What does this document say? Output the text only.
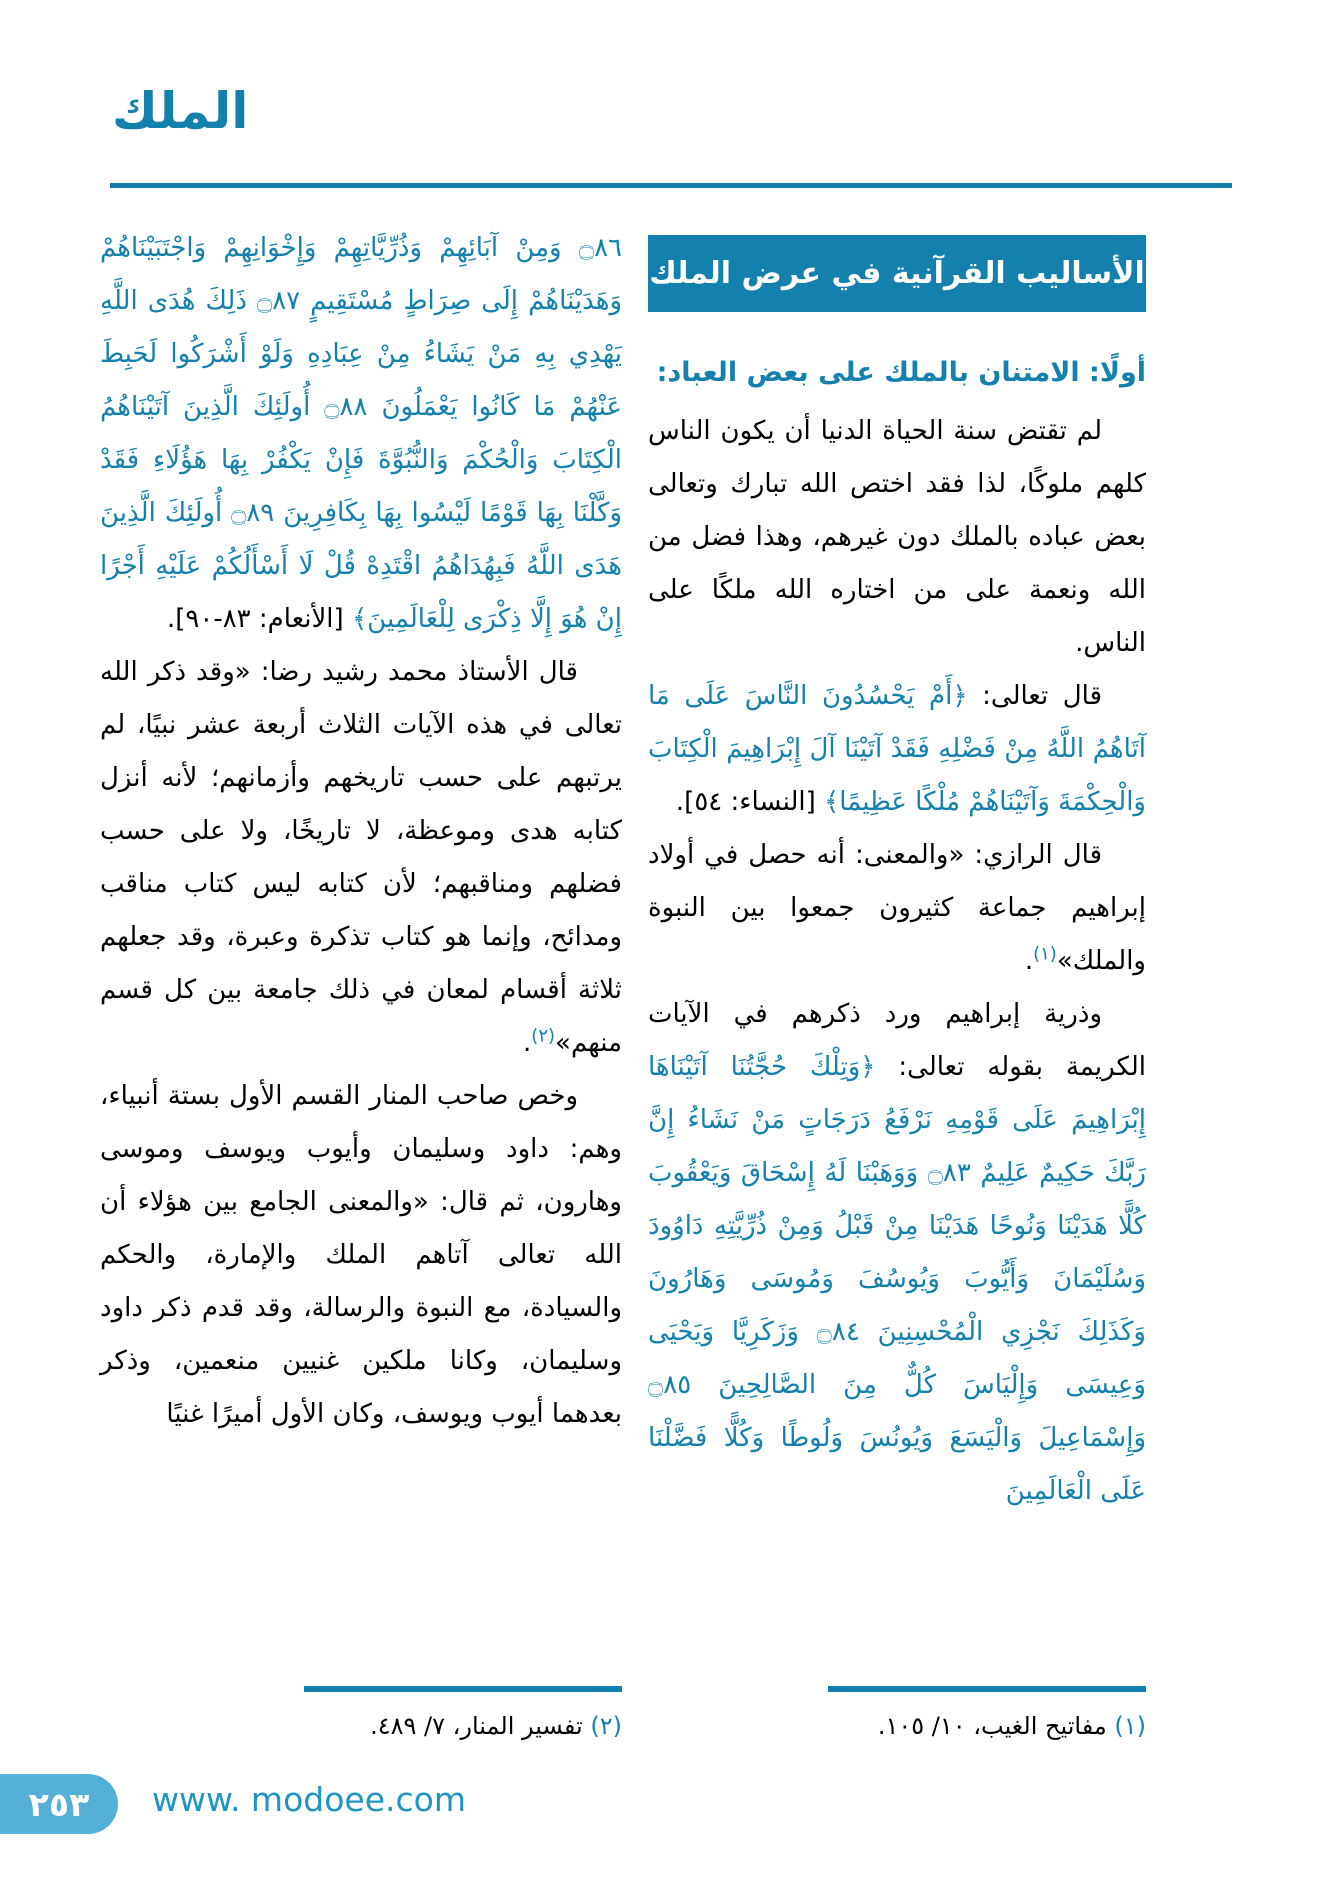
الملك
الأساليب القرآنية في عرض الملك

أولًا: الامتنان بالملك على بعض العباد:

لم تقتض سنة الحياة الدنيا أن يكون الناس كلهم ملوكًا، لذا فقد اختص الله تبارك وتعالى بعض عباده بالملك دون غيرهم، وهذا فضل من الله ونعمة على من اختاره الله ملكًا على الناس.

قال تعالى: ﴿أَمْ يَحْسُدُونَ النَّاسَ عَلَى مَا آتَاهُمُ اللَّهُ مِنْ فَضْلِهِ فَقَدْ آتَيْنَا آلَ إِبْرَاهِيمَ الْكِتَابَ وَالْحِكْمَةَ وَآتَيْنَاهُمْ مُلْكًا عَظِيمًا﴾ [النساء: ٥٤].

قال الرازي: «والمعنى: أنه حصل في أولاد إبراهيم جماعة كثيرون جمعوا بين النبوة والملك»$^{(١)}$.

وذرية إبراهيم ورد ذكرهم في الآيات الكريمة بقوله تعالى: ﴿وَتِلْكَ حُجَّتُنَا آتَيْنَاهَا إِبْرَاهِيمَ عَلَى قَوْمِهِ نَرْفَعُ دَرَجَاتٍ مَنْ نَشَاءُ إِنَّ رَبَّكَ حَكِيمٌ عَلِيمٌ ۝٨٣ وَوَهَبْنَا لَهُ إِسْحَاقَ وَيَعْقُوبَ كُلًّا هَدَيْنَا وَنُوحًا هَدَيْنَا مِنْ قَبْلُ وَمِنْ ذُرِّيَّتِهِ دَاوُودَ وَسُلَيْمَانَ وَأَيُّوبَ وَيُوسُفَ وَمُوسَى وَهَارُونَ وَكَذَلِكَ نَجْزِي الْمُحْسِنِينَ ۝٨٤ وَزَكَرِيَّا وَيَحْيَى وَعِيسَى وَإِلْيَاسَ كُلٌّ مِنَ الصَّالِحِينَ ۝٨٥ وَإِسْمَاعِيلَ وَالْيَسَعَ وَيُونُسَ وَلُوطًا وَكُلًّا فَضَّلْنَا عَلَى الْعَالَمِينَ

۝٨٦ وَمِنْ آبَائِهِمْ وَذُرِّيَّاتِهِمْ وَإِخْوَانِهِمْ وَاجْتَبَيْنَاهُمْ وَهَدَيْنَاهُمْ إِلَى صِرَاطٍ مُسْتَقِيمٍ ۝٨٧ ذَلِكَ هُدَى اللَّهِ يَهْدِي بِهِ مَنْ يَشَاءُ مِنْ عِبَادِهِ وَلَوْ أَشْرَكُوا لَحَبِطَ عَنْهُمْ مَا كَانُوا يَعْمَلُونَ ۝٨٨ أُولَئِكَ الَّذِينَ آتَيْنَاهُمُ الْكِتَابَ وَالْحُكْمَ وَالنُّبُوَّةَ فَإِنْ يَكْفُرْ بِهَا هَؤُلَاءِ فَقَدْ وَكَّلْنَا بِهَا قَوْمًا لَيْسُوا بِهَا بِكَافِرِينَ ۝٨٩ أُولَئِكَ الَّذِينَ هَدَى اللَّهُ فَبِهُدَاهُمُ اقْتَدِهْ قُلْ لَا أَسْأَلُكُمْ عَلَيْهِ أَجْرًا إِنْ هُوَ إِلَّا ذِكْرَى لِلْعَالَمِينَ﴾ [الأنعام: ٨٣-٩٠].

قال الأستاذ محمد رشيد رضا: «وقد ذكر الله تعالى في هذه الآيات الثلاث أربعة عشر نبيًا، لم يرتبهم على حسب تاريخهم وأزمانهم؛ لأنه أنزل كتابه هدى وموعظة، لا تاريخًا، ولا على حسب فضلهم ومناقبهم؛ لأن كتابه ليس كتاب مناقب ومدائح، وإنما هو كتاب تذكرة وعبرة، وقد جعلهم ثلاثة أقسام لمعان في ذلك جامعة بين كل قسم منهم»$^{(٢)}$.

وخص صاحب المنار القسم الأول بستة أنبياء، وهم: داود وسليمان وأيوب ويوسف وموسى وهارون، ثم قال: «والمعنى الجامع بين هؤلاء أن الله تعالى آتاهم الملك والإمارة، والحكم والسيادة، مع النبوة والرسالة، وقد قدم ذكر داود وسليمان، وكانا ملكين غنيين منعمين، وذكر بعدهما أيوب ويوسف، وكان الأول أميرًا غنيًا

(١) مفاتيح الغيب، ١٠/ ١٠٥.

(٢) تفسير المنار، ٧/ ٤٨٩.

٢٥٣ www. modoee.com
